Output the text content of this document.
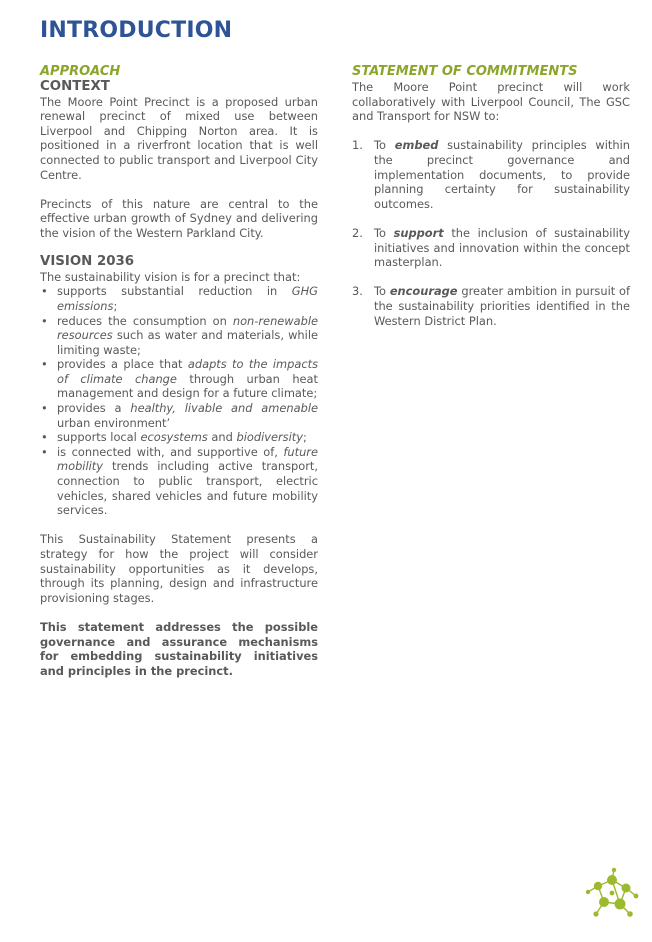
INTRODUCTION
APPROACH
CONTEXT

The Moore Point Precinct is a proposed urban renewal precinct of mixed use between Liverpool and Chipping Norton area. It is positioned in a riverfront location that is well connected to public transport and Liverpool City Centre.

Precincts of this nature are central to the effective urban growth of Sydney and delivering the vision of the Western Parkland City.

VISION 2036

The sustainability vision is for a precinct that:

• supports substantial reduction in GHG emissions;
• reduces the consumption on non-renewable resources such as water and materials, while limiting waste;
• provides a place that adapts to the impacts of climate change through urban heat management and design for a future climate;
• provides a healthy, livable and amenable urban environment’
• supports local ecosystems and biodiversity;
• is connected with, and supportive of, future mobility trends including active transport, connection to public transport, electric vehicles, shared vehicles and future mobility services.

This Sustainability Statement presents a strategy for how the project will consider sustainability opportunities as it develops, through its planning, design and infrastructure provisioning stages.

This statement addresses the possible governance and assurance mechanisms for embedding sustainability initiatives and principles in the precinct.

STATEMENT OF COMMITMENTS

The Moore Point precinct will work collaboratively with Liverpool Council, The GSC and Transport for NSW to:

1. To embed sustainability principles within the precinct governance and implementation documents, to provide planning certainty for sustainability outcomes.
2. To support the inclusion of sustainability initiatives and innovation within the concept masterplan.
3. To encourage greater ambition in pursuit of the sustainability priorities identified in the Western District Plan.
